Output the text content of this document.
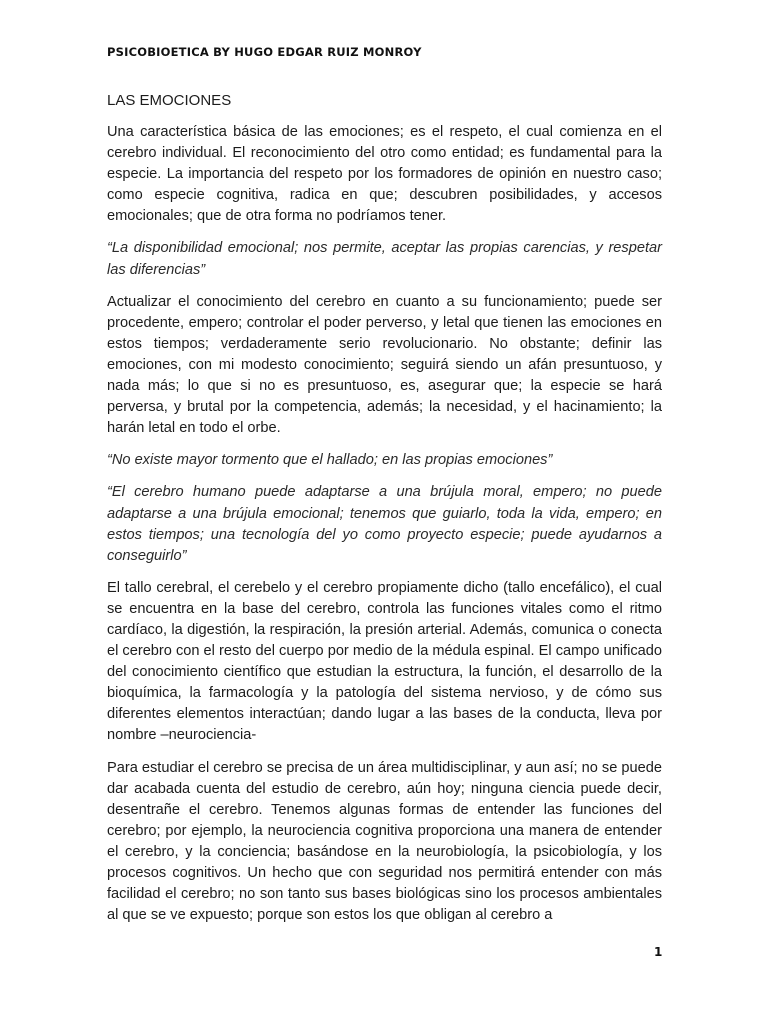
PSICOBIOETICA BY HUGO EDGAR RUIZ MONROY
LAS EMOCIONES

Una característica básica de las emociones; es el respeto, el cual comienza en el cerebro individual. El reconocimiento del otro como entidad; es fundamental para la especie. La importancia del respeto por los formadores de opinión en nuestro caso; como especie cognitiva, radica en que; descubren posibilidades, y accesos emocionales; que de otra forma no podríamos tener.

“La disponibilidad emocional; nos permite, aceptar las propias carencias, y respetar las diferencias”

Actualizar el conocimiento del cerebro en cuanto a su funcionamiento; puede ser procedente, empero; controlar el poder perverso, y letal que tienen las emociones en estos tiempos; verdaderamente serio revolucionario. No obstante; definir las emociones, con mi modesto conocimiento; seguirá siendo un afán presuntuoso, y nada más; lo que si no es presuntuoso, es, asegurar que; la especie se hará perversa, y brutal por la competencia, además; la necesidad, y el hacinamiento; la harán letal en todo el orbe.

“No existe mayor tormento que el hallado; en las propias emociones”

“El cerebro humano puede adaptarse a una brújula moral, empero; no puede adaptarse a una brújula emocional; tenemos que guiarlo, toda la vida, empero; en estos tiempos; una tecnología del yo como proyecto especie; puede ayudarnos a conseguirlo”

El tallo cerebral, el cerebelo y el cerebro propiamente dicho (tallo encefálico), el cual se encuentra en la base del cerebro, controla las funciones vitales como el ritmo cardíaco, la digestión, la respiración, la presión arterial. Además, comunica o conecta el cerebro con el resto del cuerpo por medio de la médula espinal. El campo unificado del conocimiento científico que estudian la estructura, la función, el desarrollo de la bioquímica, la farmacología y la patología del sistema nervioso, y de cómo sus diferentes elementos interactúan; dando lugar a las bases de la conducta, lleva por nombre –neurociencia-

Para estudiar el cerebro se precisa de un área multidisciplinar, y aun así; no se puede dar acabada cuenta del estudio de cerebro, aún hoy; ninguna ciencia puede decir, desentrañe el cerebro. Tenemos algunas formas de entender las funciones del cerebro; por ejemplo, la neurociencia cognitiva proporciona una manera de entender el cerebro, y la conciencia; basándose en la neurobiología, la psicobiología, y los procesos cognitivos. Un hecho que con seguridad nos permitirá entender con más facilidad el cerebro; no son tanto sus bases biológicas sino los procesos ambientales al que se ve expuesto; porque son estos los que obligan al cerebro a

1
